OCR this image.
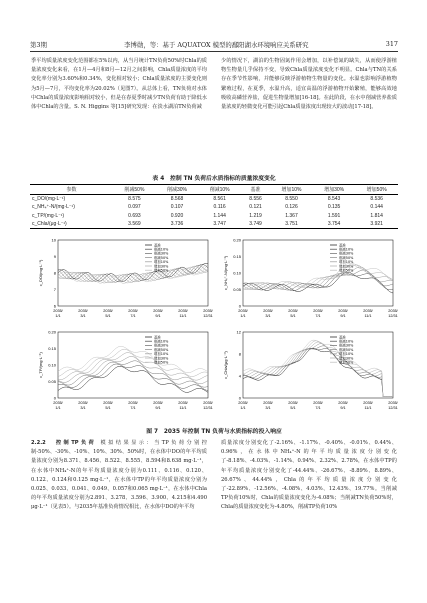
第3期	李博勋，等：基于 AQUATOX 模型的鄱阳湖水环境响应关系研究	317
季平均质量浓度变化范围都在5%以内，从当月统计TN负荷50%时Chla的质量浓度变化来看，在1月—4月和8月—12月之间影响，Chla质量浓度的平均变化率分别为3.60%和0.34%，变化相对较小；Chla质量浓度的主要变化则为5月—7月，平均变化率为20.02%（见图7）。从总体上看，TN负荷对水体中Chla的质量浓度影响相对较小，但是在春夏季时减少TN负荷有助于降低水体中Chla的含量。S. N. Higgins 等[15]研究发现：在淡水湖泊TN负荷减
少的情况下，湖泊的生物固氮作用会增加，以补偿氮的缺失，从而使浮游植物生物量几乎保持不变，导致Chla质量浓度变化不明显。Chla与TN的关系存在季节性影响，并能够反映浮游植物生物量的变化。水温也影响浮游植物繁殖过程，在夏季，水温升高，适宜高温的浮游植物开始繁殖，能够高效地吸收高磷营养盐，促进生物量增加[16-18]。在此阶段，在水中削减营养盐质量浓度的轻微变化可能引起Chla质量浓度出现较大的波动[17-18]。
表 4　控制 TN 负荷后水质指标的质量浓度变化
参数	削减50%	削减30%	削减10%	基准	增加10%	增加30%	增加50%
c_DO/(mg·L⁻¹)	8.575	8.568	8.561	8.556	8.550	8.543	8.536
c_NH₄⁺-N/(mg·L⁻¹)	0.097	0.107	0.116	0.121	0.126	0.135	0.144
c_TP/(mg·L⁻¹)	0.693	0.920	1.144	1.219	1.367	1.591	1.814
c_Chla/(μg·L⁻¹)	3.569	3.736	3.747	3.749	3.751	3.754	3.921
10
9
8
7
6
c_DO/(mg·L⁻¹)
2035/
1/1
2035/
3/1
2035/
5/1
2035/
7/1
2035/
9/1
2035/
11/1
2035/
12/31
基准
削减10%
削减30%
削减50%
增加10%
增加30%
增加50%
0.20
0.15
0.10
0.05
0
c_NH₄⁺-N/(mg·L⁻¹)
2035/
1/1
2035/
3/1
2035/
5/1
2035/
7/1
2035/
9/1
2035/
11/1
2035/
12/31
基准
削减10%
削减30%
削减50%
增加10%
增加30%
增加50%
0.20
0.15
0.10
0.05
0
c_TP/(mg·L⁻¹)
2035/
1/1
2035/
3/1
2035/
5/1
2035/
7/1
2035/
9/1
2035/
11/1
2035/
12/31
基准
削减10%
削减30%
削减50%
增加10%
增加30%
增加50%
12
8
4
0
c_Chla/(μg·L⁻¹)
2035/
1/1
2035/
3/1
2035/
5/1
2035/
7/1
2035/
9/1
2035/
11/1
2035/
12/31
基准
削减10%
削减30%
削减50%
增加10%
增加30%
增加50%
图 7　2035 年控制 TN 负荷与水质指标的投入响应
2.2.2　控制TP负荷 模拟结果显示：当TP负荷分别控制-50%、-30%、-10%、10%、30%、50%时，在水体中DO的年平均质量浓度分别为8.371、8.456、8.522、8.555、8.594和8.638 mg·L⁻¹，在水体中NH₄⁺-N的年平均质量浓度分别为0.111、0.116、0.120、0.122、0.124和0.125 mg·L⁻¹，在水体中TP的年平均质量浓度分别为0.025、0.033、0.041、0.049、0.057和0.065 mg·L⁻¹，在水体中Chla的年平均质量浓度分别为2.891、3.278、3.596、3.900、4.215和4.490 μg·L⁻¹（见表5）。与2035年基准负荷情况相比，在水体中DO的年平均
质量浓度分别变化了-2.16%、-1.17%、-0.40%、-0.01%、0.44%、0.96%，在水体中NH₄⁺-N的年平均质量浓度分别变化了-8.18%、-4.03%、-1.14%、0.94%、2.32%、2.78%，在水体中TP的年平均质量浓度分别变化了-44.44%、-26.67%、-8.89%、8.89%、26.67%、44.44%，Chla的年平均质量浓度分别变化了-22.89%、-12.56%、-4.08%、4.03%、12.43%、19.77%。当削减TP负荷10%时，Chla的质量浓度变化为-4.08%；当削减TN负荷50%时，Chla的质量浓度变化为-4.80%，削减TP负荷10%
